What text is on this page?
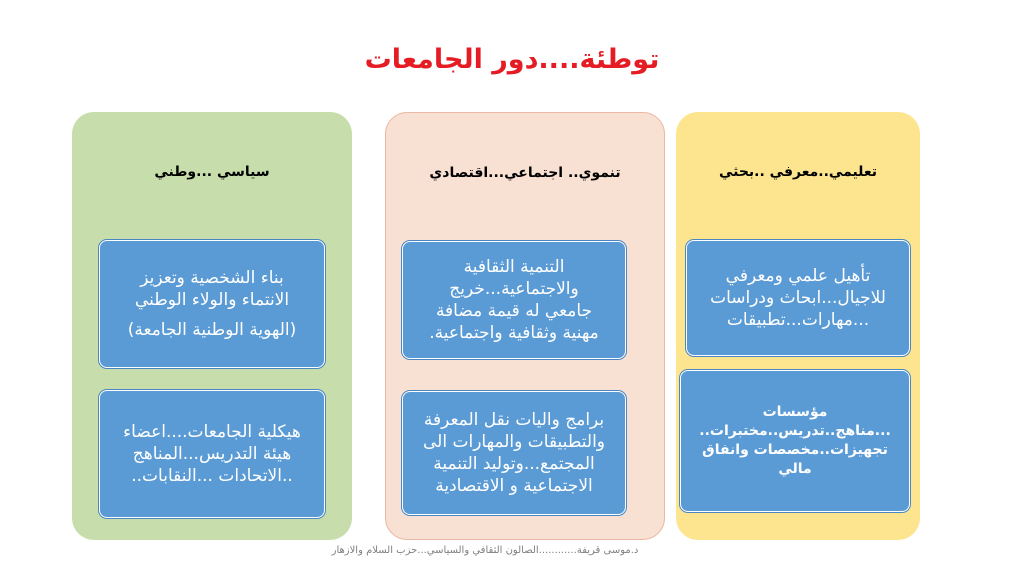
توطئة....دور الجامعات
تعليمي..معرفي ..بحثي
تأهيل علمي ومعرفي
للاجيال...ابحاث ودراسات
...مهارات...تطبيقات
مؤسسات
...مناهج..تدريس..مختبرات..
تجهيزات..مخصصات وانفاق
مالي
تنموي.. اجتماعي...اقتصادي
التنمية الثقافية
والاجتماعية...خريج
جامعي له قيمة مضافة
مهنية وثقافية واجتماعية.
برامج واليات نقل المعرفة
والتطبيقات والمهارات الى
المجتمع...وتوليد التنمية
الاجتماعية و الاقتصادية
سياسي ...وطني
بناء الشخصية وتعزيز
الانتماء والولاء الوطني
(الهوية الوطنية الجامعة)
هيكلية الجامعات....اعضاء
هيئة التدريس...المناهج
..الاتحادات ...النقابات..
د.موسى قريفة............الصالون الثقافي والسياسي...حزب السلام والازهار
